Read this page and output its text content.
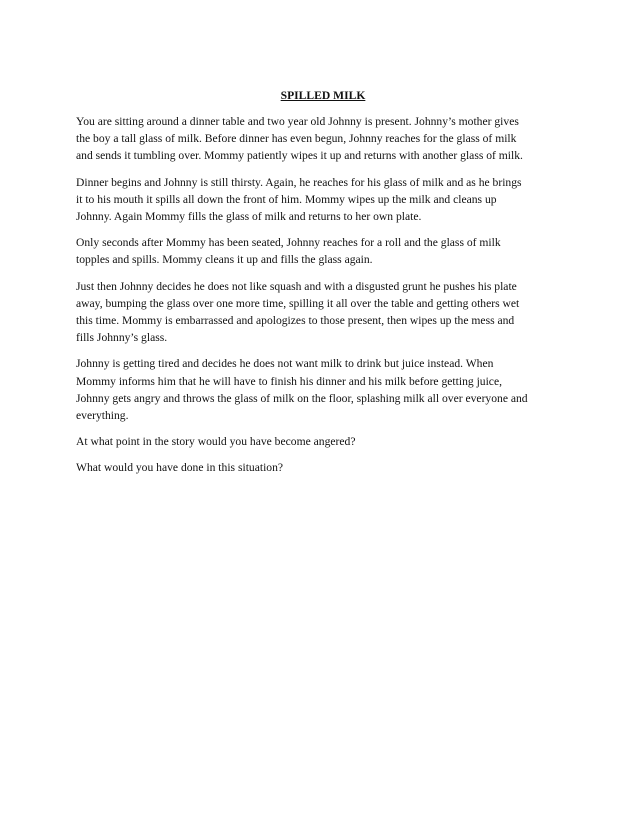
SPILLED MILK

You are sitting around a dinner table and two year old Johnny is present. Johnny’s mother gives
the boy a tall glass of milk. Before dinner has even begun, Johnny reaches for the glass of milk
and sends it tumbling over. Mommy patiently wipes it up and returns with another glass of milk.

Dinner begins and Johnny is still thirsty. Again, he reaches for his glass of milk and as he brings
it to his mouth it spills all down the front of him. Mommy wipes up the milk and cleans up
Johnny. Again Mommy fills the glass of milk and returns to her own plate.

Only seconds after Mommy has been seated, Johnny reaches for a roll and the glass of milk
topples and spills. Mommy cleans it up and fills the glass again.

Just then Johnny decides he does not like squash and with a disgusted grunt he pushes his plate
away, bumping the glass over one more time, spilling it all over the table and getting others wet
this time. Mommy is embarrassed and apologizes to those present, then wipes up the mess and
fills Johnny’s glass.

Johnny is getting tired and decides he does not want milk to drink but juice instead. When
Mommy informs him that he will have to finish his dinner and his milk before getting juice,
Johnny gets angry and throws the glass of milk on the floor, splashing milk all over everyone and
everything.

At what point in the story would you have become angered?

What would you have done in this situation?
